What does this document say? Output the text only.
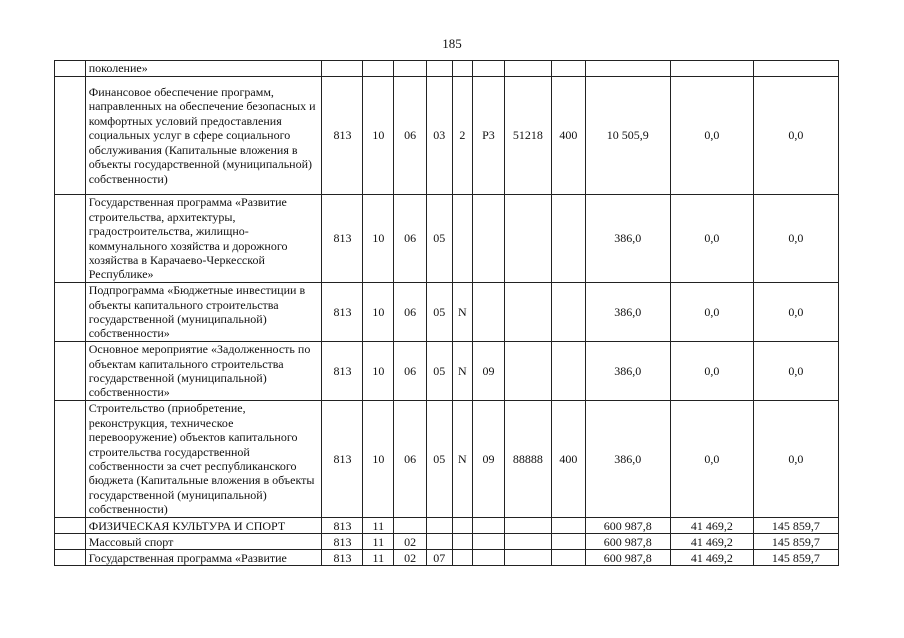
185
	поколение»											
	Финансовое обеспечение программ, направленных на обеспечение безопасных и комфортных условий предоставления социальных услуг в сфере социального обслуживания (Капитальные вложения в объекты государственной (муниципальной) собственности)	813	10	06	03	2	Р3	51218	400	10 505,9	0,0	0,0
	Государственная программа «Развитие строительства, архитектуры, градостроительства, жилищно-коммунального хозяйства и дорожного хозяйства в Карачаево-Черкесской Республике»	813	10	06	05					386,0	0,0	0,0
	Подпрограмма «Бюджетные инвестиции в объекты капитального строительства государственной (муниципальной) собственности»	813	10	06	05	N				386,0	0,0	0,0
	Основное мероприятие «Задолженность по объектам капитального строительства государственной (муниципальной) собственности»	813	10	06	05	N	09			386,0	0,0	0,0
	Строительство (приобретение, реконструкция, техническое перевооружение) объектов капитального строительства государственной собственности за счет республиканского бюджета (Капитальные вложения в объекты государственной (муниципальной) собственности)	813	10	06	05	N	09	88888	400	386,0	0,0	0,0
	ФИЗИЧЕСКАЯ КУЛЬТУРА И СПОРТ	813	11							600 987,8	41 469,2	145 859,7
	Массовый спорт	813	11	02						600 987,8	41 469,2	145 859,7
	Государственная программа «Развитие	813	11	02	07					600 987,8	41 469,2	145 859,7
